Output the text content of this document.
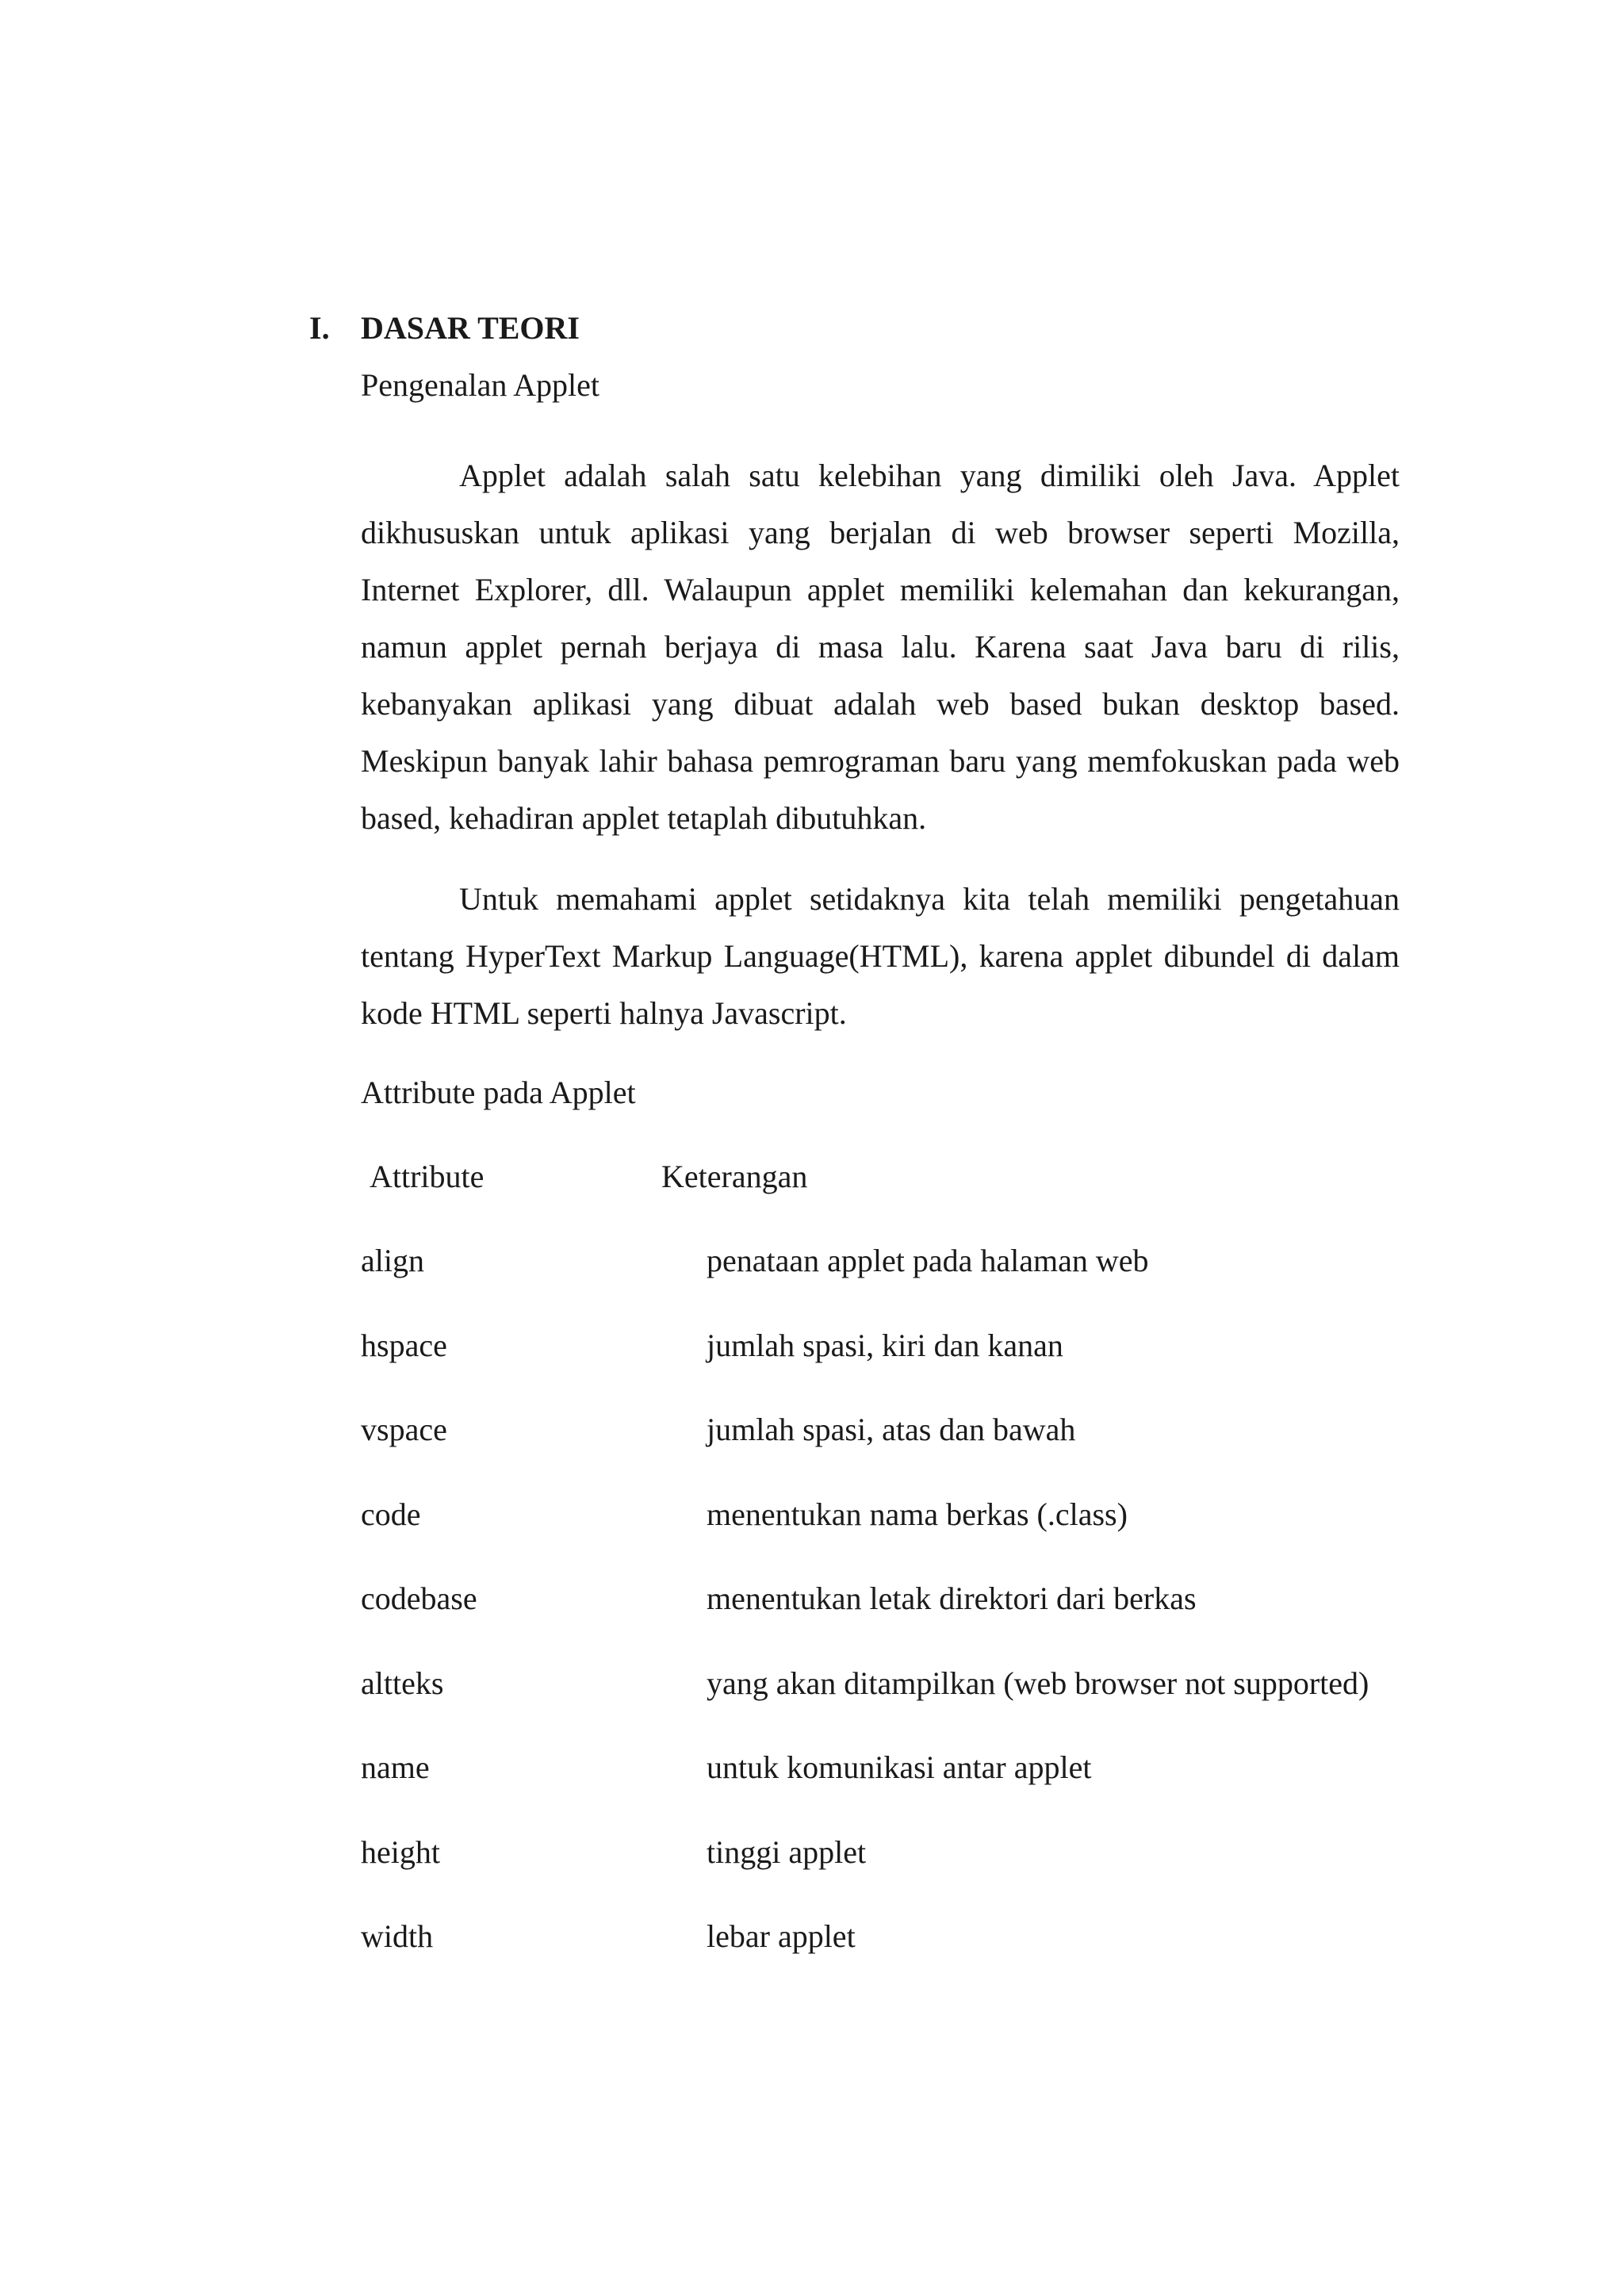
I. DASAR TEORI
Pengenalan Applet

Applet adalah salah satu kelebihan yang dimiliki oleh Java. Applet dikhususkan untuk aplikasi yang berjalan di web browser seperti Mozilla, Internet Explorer, dll. Walaupun applet memiliki kelemahan dan kekurangan, namun applet pernah berjaya di masa lalu. Karena saat Java baru di rilis, kebanyakan aplikasi yang dibuat adalah web based bukan desktop based. Meskipun banyak lahir bahasa pemrograman baru yang memfokuskan pada web based, kehadiran applet tetaplah dibutuhkan.

Untuk memahami applet setidaknya kita telah memiliki pengetahuan tentang HyperText Markup Language(HTML), karena applet dibundel di dalam kode HTML seperti halnya Javascript.

Attribute pada Applet
Attribute	Keterangan
align	penataan applet pada halaman web
hspace	jumlah spasi, kiri dan kanan
vspace	jumlah spasi, atas dan bawah
code	menentukan nama berkas (.class)
codebase	menentukan letak direktori dari berkas
altteks	yang akan ditampilkan (web browser not supported)
name	untuk komunikasi antar applet
height	tinggi applet
width	lebar applet
